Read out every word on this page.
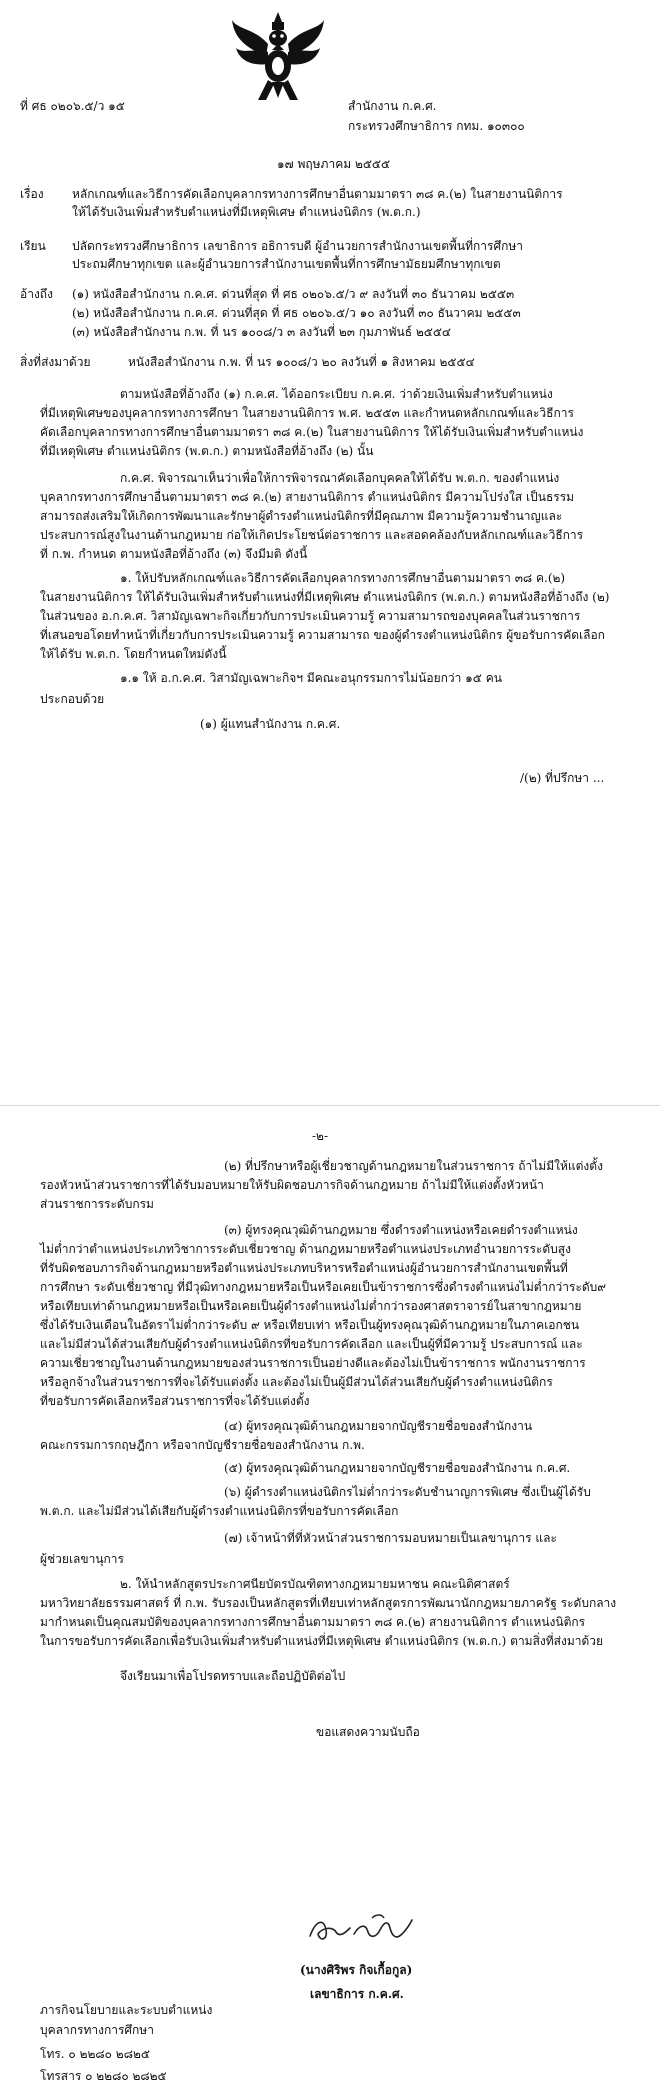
ที่ ศธ ๐๒๐๖.๕/ว ๑๕	สำนักงาน ก.ค.ศ.
กระทรวงศึกษาธิการ กทม. ๑๐๓๐๐
๑๗ พฤษภาคม ๒๕๕๕
เรื่อง หลักเกณฑ์และวิธีการคัดเลือกบุคลากรทางการศึกษาอื่นตามมาตรา ๓๘ ค.(๒) ในสายงานนิติการ
ให้ได้รับเงินเพิ่มสำหรับตำแหน่งที่มีเหตุพิเศษ ตำแหน่งนิติกร (พ.ต.ก.)
เรียน ปลัดกระทรวงศึกษาธิการ เลขาธิการ อธิการบดี ผู้อำนวยการสำนักงานเขตพื้นที่การศึกษา
ประถมศึกษาทุกเขต และผู้อำนวยการสำนักงานเขตพื้นที่การศึกษามัธยมศึกษาทุกเขต
อ้างถึง (๑) หนังสือสำนักงาน ก.ค.ศ. ด่วนที่สุด ที่ ศธ ๐๒๐๖.๕/ว ๙ ลงวันที่ ๓๐ ธันวาคม ๒๕๕๓
(๒) หนังสือสำนักงาน ก.ค.ศ. ด่วนที่สุด ที่ ศธ ๐๒๐๖.๕/ว ๑๐ ลงวันที่ ๓๐ ธันวาคม ๒๕๕๓
(๓) หนังสือสำนักงาน ก.พ. ที่ นร ๑๐๐๘/ว ๓ ลงวันที่ ๒๓ กุมภาพันธ์ ๒๕๕๔
สิ่งที่ส่งมาด้วย	หนังสือสำนักงาน ก.พ. ที่ นร ๑๐๐๘/ว ๒๐ ลงวันที่ ๑ สิงหาคม ๒๕๕๔
ตามหนังสือที่อ้างถึง (๑) ก.ค.ศ. ได้ออกระเบียบ ก.ค.ศ. ว่าด้วยเงินเพิ่มสำหรับตำแหน่ง
ที่มีเหตุพิเศษของบุคลากรทางการศึกษา ในสายงานนิติการ พ.ศ. ๒๕๕๓ และกำหนดหลักเกณฑ์และวิธีการ
คัดเลือกบุคลากรทางการศึกษาอื่นตามมาตรา ๓๘ ค.(๒) ในสายงานนิติการ ให้ได้รับเงินเพิ่มสำหรับตำแหน่ง
ที่มีเหตุพิเศษ ตำแหน่งนิติกร (พ.ต.ก.) ตามหนังสือที่อ้างถึง (๒) นั้น
ก.ค.ศ. พิจารณาเห็นว่าเพื่อให้การพิจารณาคัดเลือกบุคคลให้ได้รับ พ.ต.ก. ของตำแหน่ง
บุคลากรทางการศึกษาอื่นตามมาตรา ๓๘ ค.(๒) สายงานนิติการ ตำแหน่งนิติกร มีความโปร่งใส เป็นธรรม
สามารถส่งเสริมให้เกิดการพัฒนาและรักษาผู้ดำรงตำแหน่งนิติกรที่มีคุณภาพ มีความรู้ความชำนาญและ
ประสบการณ์สูงในงานด้านกฎหมาย ก่อให้เกิดประโยชน์ต่อราชการ และสอดคล้องกับหลักเกณฑ์และวิธีการ
ที่ ก.พ. กำหนด ตามหนังสือที่อ้างถึง (๓) จึงมีมติ ดังนี้
๑. ให้ปรับหลักเกณฑ์และวิธีการคัดเลือกบุคลากรทางการศึกษาอื่นตามมาตรา ๓๘ ค.(๒)
ในสายงานนิติการ ให้ได้รับเงินเพิ่มสำหรับตำแหน่งที่มีเหตุพิเศษ ตำแหน่งนิติกร (พ.ต.ก.) ตามหนังสือที่อ้างถึง (๒)
ในส่วนของ อ.ก.ค.ศ. วิสามัญเฉพาะกิจเกี่ยวกับการประเมินความรู้ ความสามารถของบุคคลในส่วนราชการ
ที่เสนอขอโดยทำหน้าที่เกี่ยวกับการประเมินความรู้ ความสามารถ ของผู้ดำรงตำแหน่งนิติกร ผู้ขอรับการคัดเลือก
ให้ได้รับ พ.ต.ก. โดยกำหนดใหม่ดังนี้
๑.๑ ให้ อ.ก.ค.ศ. วิสามัญเฉพาะกิจฯ มีคณะอนุกรรมการไม่น้อยกว่า ๑๕ คน
ประกอบด้วย
(๑) ผู้แทนสำนักงาน ก.ค.ศ.
/(๒) ที่ปรึกษา ...
-๒-
(๒) ที่ปรึกษาหรือผู้เชี่ยวชาญด้านกฎหมายในส่วนราชการ ถ้าไม่มีให้แต่งตั้ง
รองหัวหน้าส่วนราชการที่ได้รับมอบหมายให้รับผิดชอบภารกิจด้านกฎหมาย ถ้าไม่มีให้แต่งตั้งหัวหน้า
ส่วนราชการระดับกรม
(๓) ผู้ทรงคุณวุฒิด้านกฎหมาย ซึ่งดำรงตำแหน่งหรือเคยดำรงตำแหน่ง
ไม่ต่ำกว่าตำแหน่งประเภทวิชาการระดับเชี่ยวชาญ ด้านกฎหมายหรือตำแหน่งประเภทอำนวยการระดับสูง
ที่รับผิดชอบภารกิจด้านกฎหมายหรือตำแหน่งประเภทบริหารหรือตำแหน่งผู้อำนวยการสำนักงานเขตพื้นที่
การศึกษา ระดับเชี่ยวชาญ ที่มีวุฒิทางกฎหมายหรือเป็นหรือเคยเป็นข้าราชการซึ่งดำรงตำแหน่งไม่ต่ำกว่าระดับ๙
หรือเทียบเท่าด้านกฎหมายหรือเป็นหรือเคยเป็นผู้ดำรงตำแหน่งไม่ต่ำกว่ารองศาสตราจารย์ในสาขากฎหมาย
ซึ่งได้รับเงินเดือนในอัตราไม่ต่ำกว่าระดับ ๙ หรือเทียบเท่า หรือเป็นผู้ทรงคุณวุฒิด้านกฎหมายในภาคเอกชน
และไม่มีส่วนได้ส่วนเสียกับผู้ดำรงตำแหน่งนิติกรที่ขอรับการคัดเลือก และเป็นผู้ที่มีความรู้ ประสบการณ์ และ
ความเชี่ยวชาญในงานด้านกฎหมายของส่วนราชการเป็นอย่างดีและต้องไม่เป็นข้าราชการ พนักงานราชการ
หรือลูกจ้างในส่วนราชการที่จะได้รับแต่งตั้ง และต้องไม่เป็นผู้มีส่วนได้ส่วนเสียกับผู้ดำรงตำแหน่งนิติกร
ที่ขอรับการคัดเลือกหรือส่วนราชการที่จะได้รับแต่งตั้ง
(๔) ผู้ทรงคุณวุฒิด้านกฎหมายจากบัญชีรายชื่อของสำนักงาน
คณะกรรมการกฤษฎีกา หรือจากบัญชีรายชื่อของสำนักงาน ก.พ.
(๕) ผู้ทรงคุณวุฒิด้านกฎหมายจากบัญชีรายชื่อของสำนักงาน ก.ค.ศ.
(๖) ผู้ดำรงตำแหน่งนิติกรไม่ต่ำกว่าระดับชำนาญการพิเศษ ซึ่งเป็นผู้ได้รับ
พ.ต.ก. และไม่มีส่วนได้เสียกับผู้ดำรงตำแหน่งนิติกรที่ขอรับการคัดเลือก
(๗) เจ้าหน้าที่ที่หัวหน้าส่วนราชการมอบหมายเป็นเลขานุการ และ
ผู้ช่วยเลขานุการ
๒. ให้นำหลักสูตรประกาศนียบัตรบัณฑิตทางกฎหมายมหาชน คณะนิติศาสตร์
มหาวิทยาลัยธรรมศาสตร์ ที่ ก.พ. รับรองเป็นหลักสูตรที่เทียบเท่าหลักสูตรการพัฒนานักกฎหมายภาครัฐ ระดับกลาง
มากำหนดเป็นคุณสมบัติของบุคลากรทางการศึกษาอื่นตามมาตรา ๓๘ ค.(๒) สายงานนิติการ ตำแหน่งนิติกร
ในการขอรับการคัดเลือกเพื่อรับเงินเพิ่มสำหรับตำแหน่งที่มีเหตุพิเศษ ตำแหน่งนิติกร (พ.ต.ก.) ตามสิ่งที่ส่งมาด้วย
จึงเรียนมาเพื่อโปรดทราบและถือปฏิบัติต่อไป
ขอแสดงความนับถือ
(นางศิริพร กิจเกื้อกูล)
เลขาธิการ ก.ค.ศ.
ภารกิจนโยบายและระบบตำแหน่ง
บุคลากรทางการศึกษา
โทร. ๐ ๒๒๘๐ ๒๘๒๕
โทรสาร ๐ ๒๒๘๐ ๒๘๒๕
